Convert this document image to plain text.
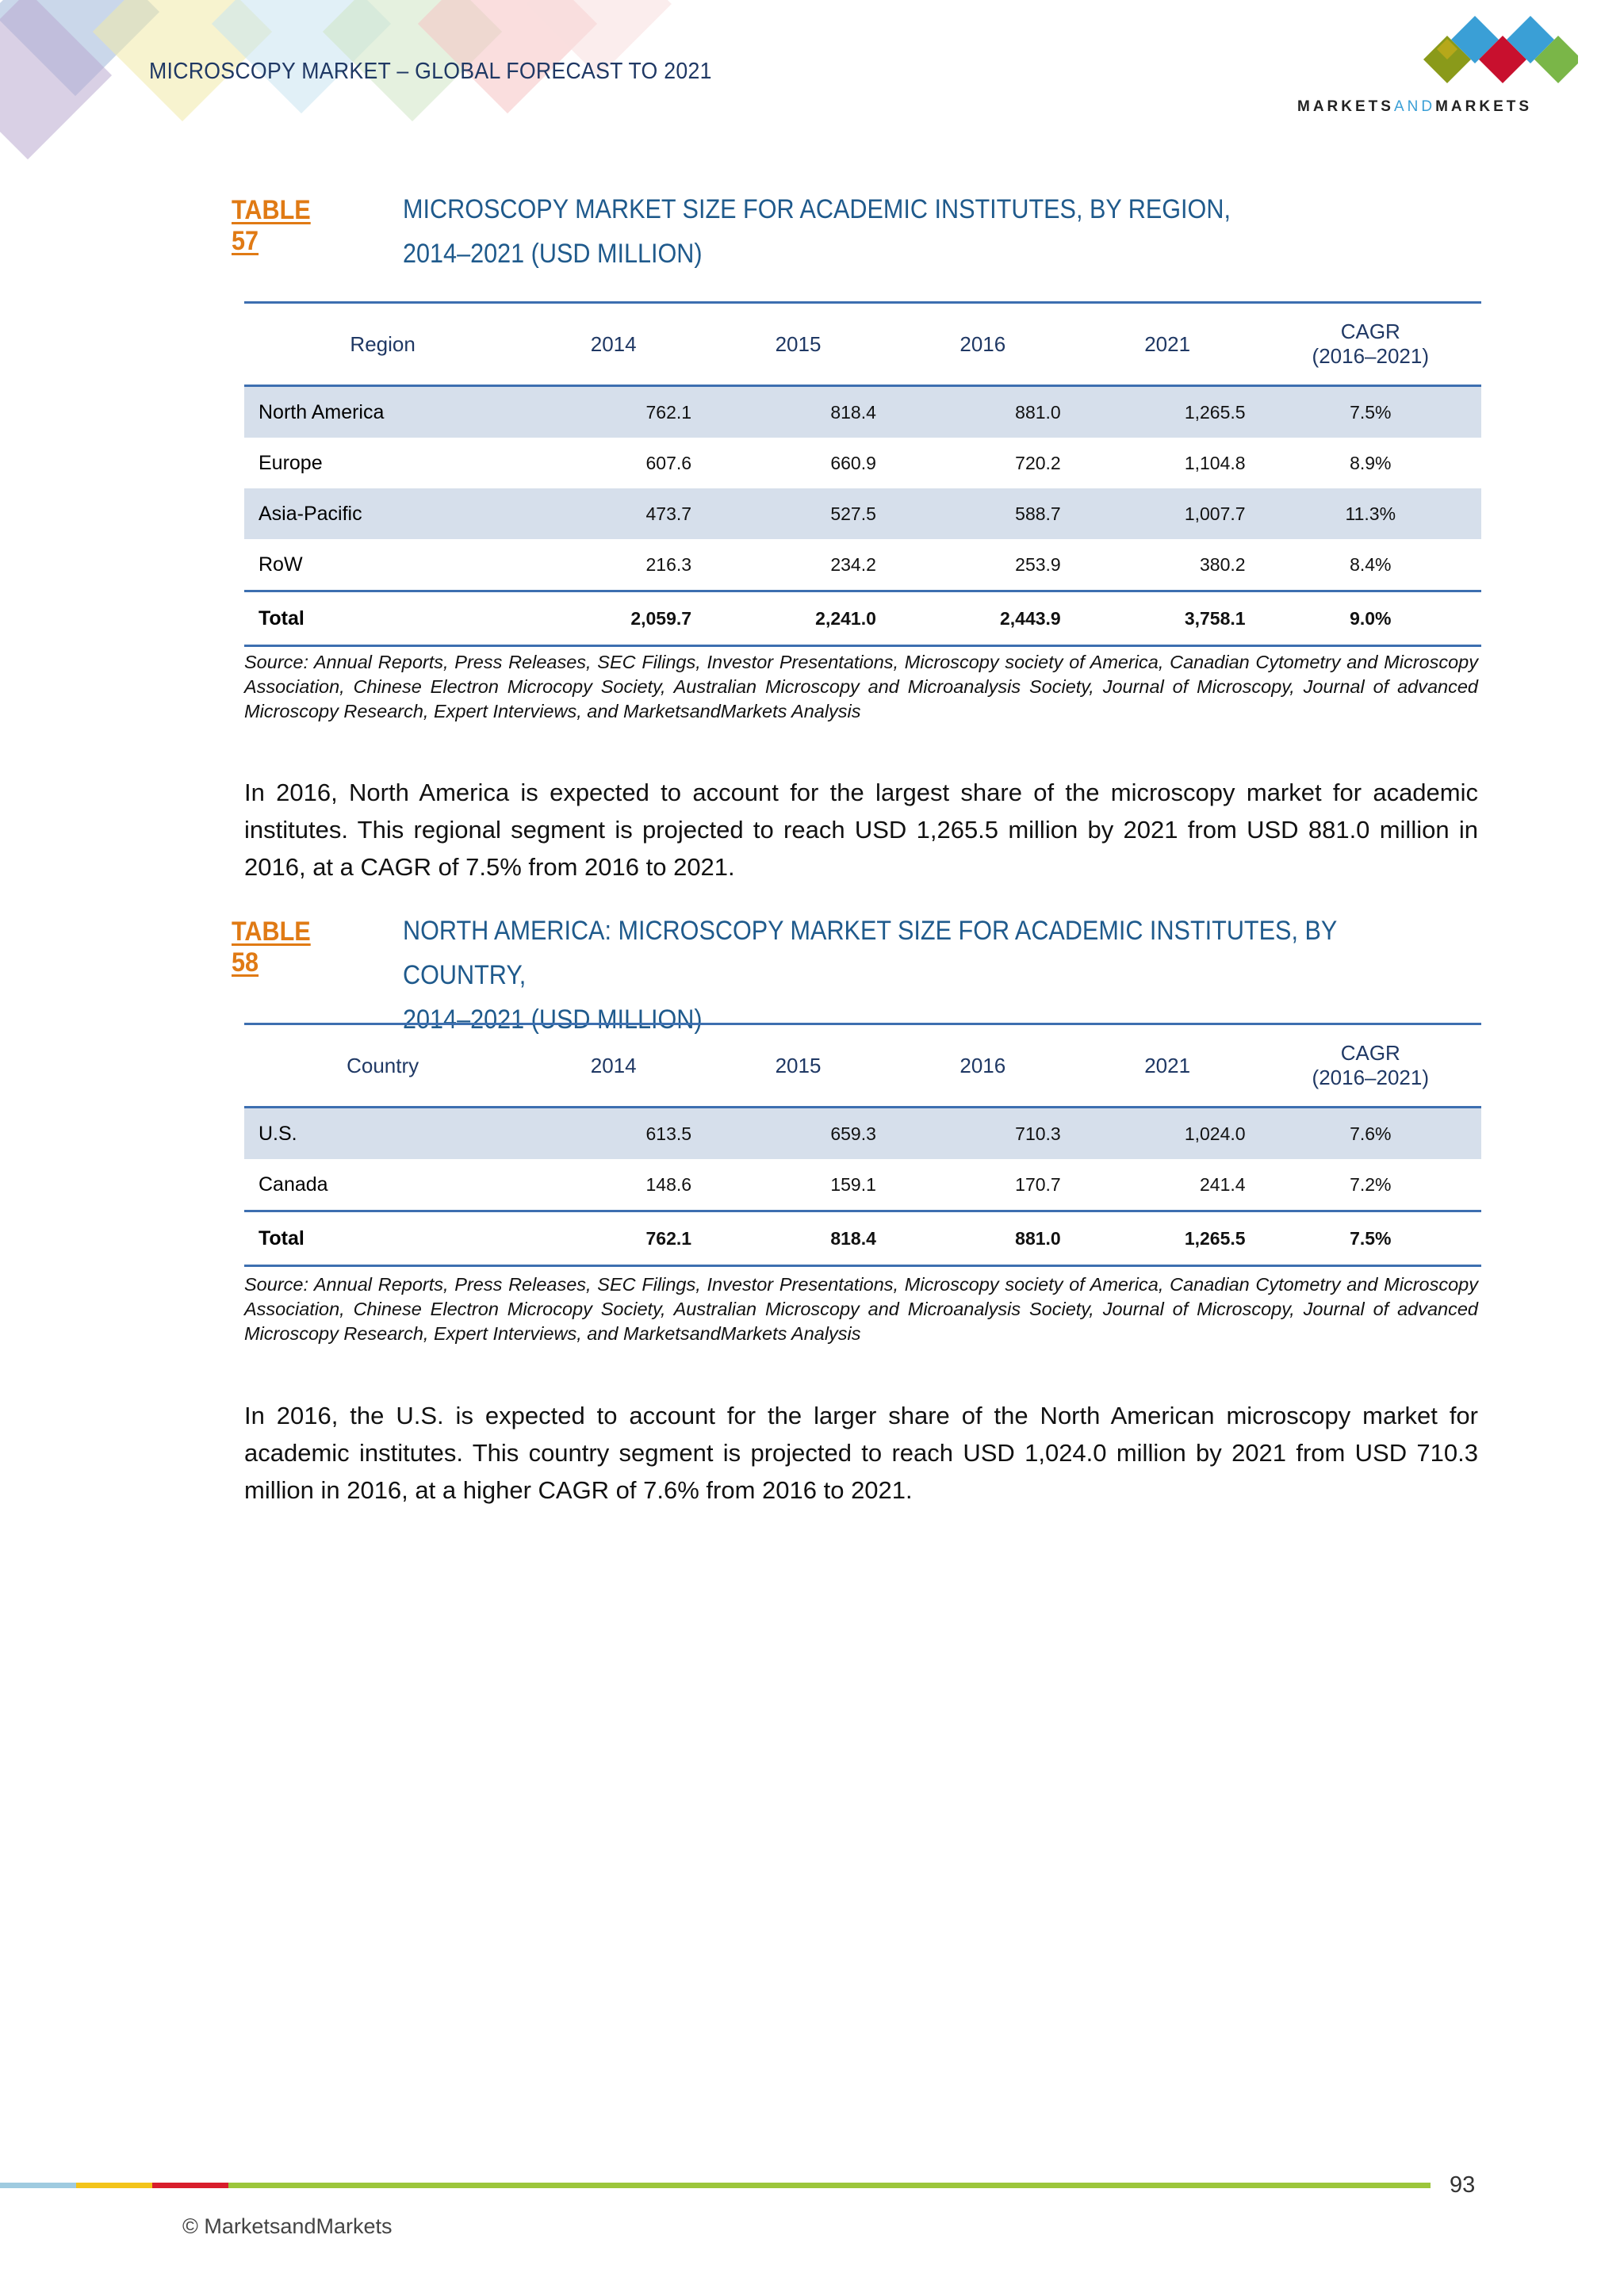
MICROSCOPY MARKET – GLOBAL FORECAST TO 2021
MARKETSANDMARKETS
TABLE 57
MICROSCOPY MARKET SIZE FOR ACADEMIC INSTITUTES, BY REGION,
2014–2021 (USD MILLION)
Region	2014	2015	2016	2021	CAGR
(2016–2021)

North America	762.1	818.4	881.0	1,265.5	7.5%
Europe	607.6	660.9	720.2	1,104.8	8.9%
Asia-Pacific	473.7	527.5	588.7	1,007.7	11.3%
RoW	216.3	234.2	253.9	380.2	8.4%
Total	2,059.7	2,241.0	2,443.9	3,758.1	9.0%
Source: Annual Reports, Press Releases, SEC Filings, Investor Presentations, Microscopy society of America, Canadian Cytometry and Microscopy Association, Chinese Electron Microcopy Society, Australian Microscopy and Microanalysis Society, Journal of Microscopy, Journal of advanced Microscopy Research, Expert Interviews, and MarketsandMarkets Analysis
In 2016, North America is expected to account for the largest share of the microscopy market for academic institutes. This regional segment is projected to reach USD 1,265.5 million by 2021 from USD 881.0 million in 2016, at a CAGR of 7.5% from 2016 to 2021.
TABLE 58
NORTH AMERICA: MICROSCOPY MARKET SIZE FOR ACADEMIC INSTITUTES, BY COUNTRY,
2014–2021 (USD MILLION)
Country	2014	2015	2016	2021	CAGR
(2016–2021)

U.S.	613.5	659.3	710.3	1,024.0	7.6%
Canada	148.6	159.1	170.7	241.4	7.2%
Total	762.1	818.4	881.0	1,265.5	7.5%
Source: Annual Reports, Press Releases, SEC Filings, Investor Presentations, Microscopy society of America, Canadian Cytometry and Microscopy Association, Chinese Electron Microcopy Society, Australian Microscopy and Microanalysis Society, Journal of Microscopy, Journal of advanced Microscopy Research, Expert Interviews, and MarketsandMarkets Analysis
In 2016, the U.S. is expected to account for the larger share of the North American microscopy market for academic institutes. This country segment is projected to reach USD 1,024.0 million by 2021 from USD 710.3 million in 2016, at a higher CAGR of 7.6% from 2016 to 2021.
93
© MarketsandMarkets
